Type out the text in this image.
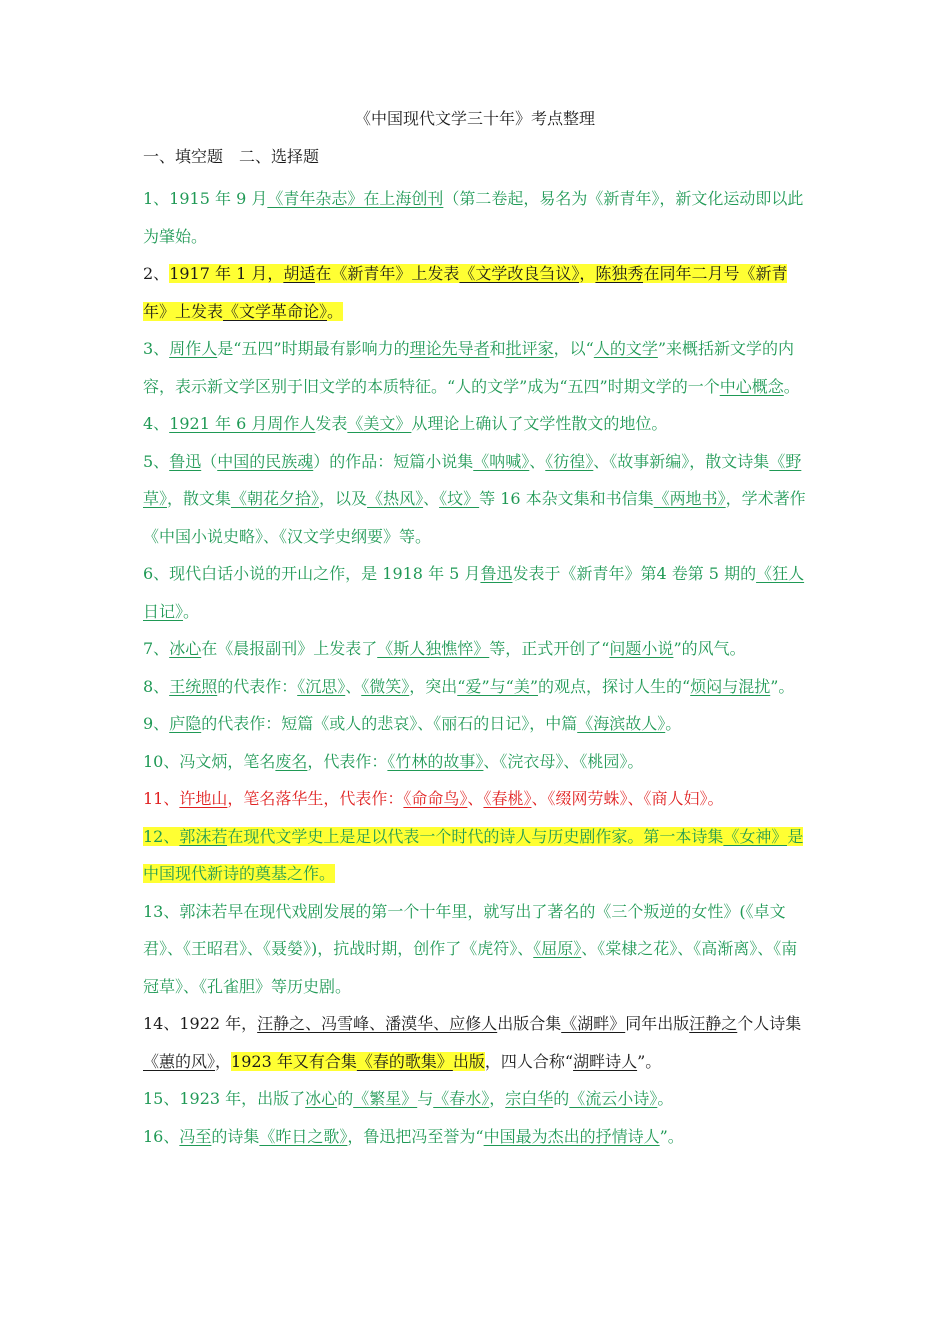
《中国现代文学三十年》考点整理
一、填空题　二、选择题

1、1915 年 9 月《青年杂志》在上海创刊（第二卷起，易名为《新青年》，新文化运动即以此为肇始。

2、1917 年 1 月，胡适在《新青年》上发表《文学改良刍议》，陈独秀在同年二月号《新青年》上发表《文学革命论》。

3、周作人是“五四”时期最有影响力的理论先导者和批评家，以“人的文学”来概括新文学的内容，表示新文学区别于旧文学的本质特征。“人的文学”成为“五四”时期文学的一个中心概念。

4、1921 年 6 月周作人发表《美文》从理论上确认了文学性散文的地位。

5、鲁迅（中国的民族魂）的作品：短篇小说集《呐喊》、《彷徨》、《故事新编》，散文诗集《野草》，散文集《朝花夕拾》，以及《热风》、《坟》等 16 本杂文集和书信集《两地书》，学术著作《中国小说史略》、《汉文学史纲要》等。

6、现代白话小说的开山之作，是 1918 年 5 月鲁迅发表于《新青年》第4 卷第 5 期的《狂人日记》。

7、冰心在《晨报副刊》上发表了《斯人独憔悴》等，正式开创了“问题小说”的风气。

8、王统照的代表作：《沉思》、《微笑》，突出“爱”与“美”的观点，探讨人生的“烦闷与混扰”。

9、庐隐的代表作：短篇《或人的悲哀》、《丽石的日记》，中篇《海滨故人》。

10、冯文炳，笔名废名，代表作：《竹林的故事》、《浣衣母》、《桃园》。

11、许地山，笔名落华生，代表作：《命命鸟》、《春桃》、《缀网劳蛛》、《商人妇》。

12、郭沫若在现代文学史上是足以代表一个时代的诗人与历史剧作家。第一本诗集《女神》是中国现代新诗的奠基之作。

13、郭沫若早在现代戏剧发展的第一个十年里，就写出了著名的《三个叛逆的女性》(《卓文君》、《王昭君》、《聂嫈》)，抗战时期，创作了《虎符》、《屈原》、《棠棣之花》、《高渐离》、《南冠草》、《孔雀胆》等历史剧。

14、1922 年，汪静之、冯雪峰、潘漠华、应修人出版合集《湖畔》同年出版汪静之个人诗集《蕙的风》，1923 年又有合集《春的歌集》出版，四人合称“湖畔诗人”。

15、1923 年，出版了冰心的《繁星》与《春水》，宗白华的《流云小诗》。

16、冯至的诗集《昨日之歌》，鲁迅把冯至誉为“中国最为杰出的抒情诗人”。
